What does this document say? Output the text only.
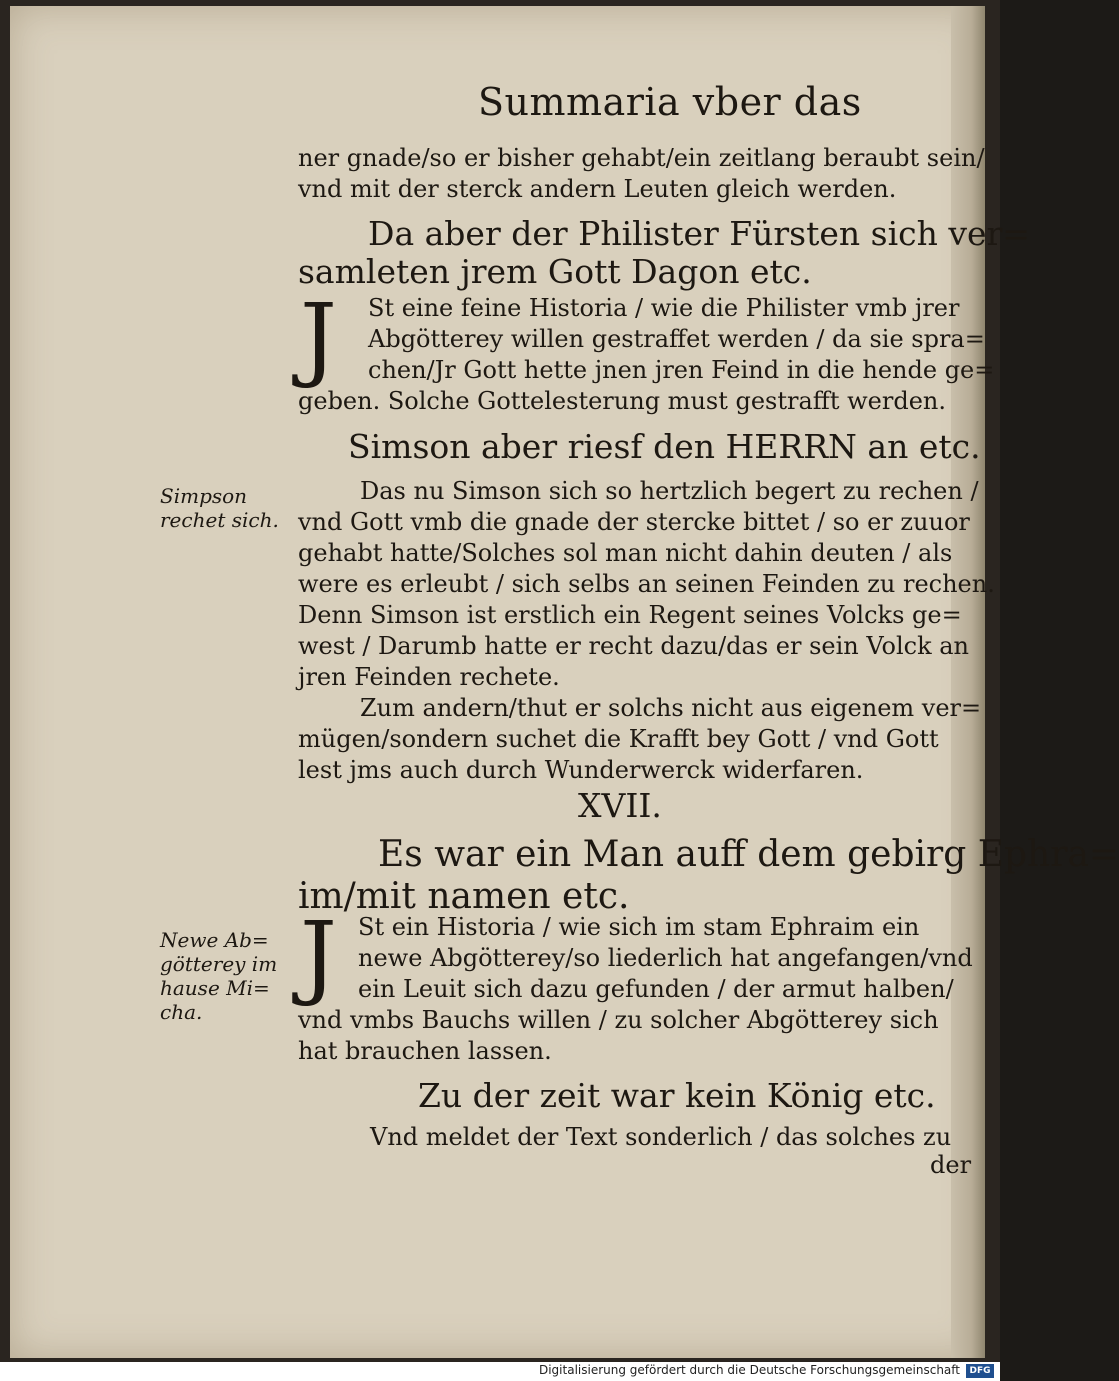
Summaria vber das
ner gnade/so er bisher gehabt/ein zeitlang beraubt sein/
vnd mit der sterck andern Leuten gleich werden.
Da aber der Philister Fürsten sich ver=
samleten jrem Gott Dagon etc.
J St eine feine Historia / wie die Philister vmb jrer
Abgötterey willen gestraffet werden / da sie spra=
chen/Jr Gott hette jnen jren Feind in die hende ge=
geben. Solche Gottelesterung must gestrafft werden.
Simson aber riesf den HERRN an etc.
Simpson
rechet sich.
Das nu Simson sich so hertzlich begert zu rechen /
vnd Gott vmb die gnade der stercke bittet / so er zuuor
gehabt hatte/Solches sol man nicht dahin deuten / als
were es erleubt / sich selbs an seinen Feinden zu rechen.
Denn Simson ist erstlich ein Regent seines Volcks ge=
west / Darumb hatte er recht dazu/das er sein Volck an
jren Feinden rechete.
Zum andern/thut er solchs nicht aus eigenem ver=
mügen/sondern suchet die Krafft bey Gott / vnd Gott
lest jms auch durch Wunderwerck widerfaren.
XVII.
Es war ein Man auff dem gebirg Ephra=
im/mit namen etc.
Newe Ab=
götterey im
hause Mi=
cha.
J St ein Historia / wie sich im stam Ephraim ein
newe Abgötterey/so liederlich hat angefangen/vnd
ein Leuit sich dazu gefunden / der armut halben/
vnd vmbs Bauchs willen / zu solcher Abgötterey sich
hat brauchen lassen.
Zu der zeit war kein König etc.
Vnd meldet der Text sonderlich / das solches zu
der
Digitalisierung gefördert durch die Deutsche Forschungsgemeinschaft	DFG
